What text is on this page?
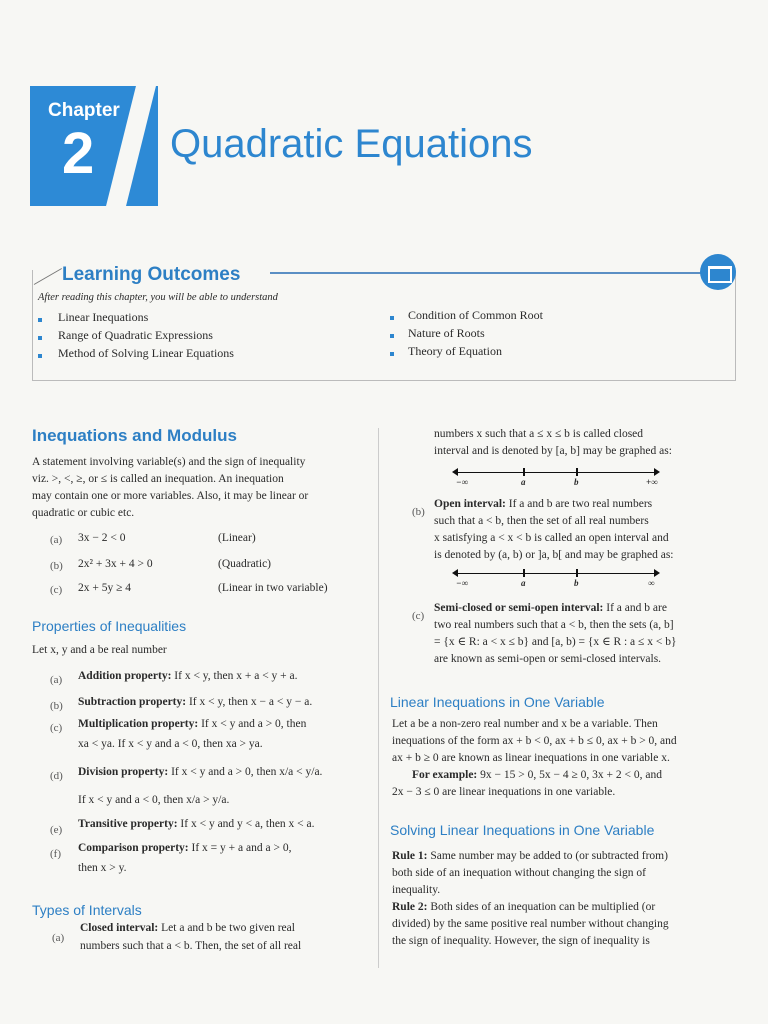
Chapter
2 Quadratic Equations
Learning Outcomes
After reading this chapter, you will be able to understand
Linear Inequations
Range of Quadratic Expressions
Method of Solving Linear Equations
Condition of Common Root
Nature of Roots
Theory of Equation
Inequations and Modulus
A statement involving variable(s) and the sign of inequality
viz. >, <, ≥, or ≤ is called an inequation. An inequation
may contain one or more variables. Also, it may be linear or
quadratic or cubic etc.
(a) 3x − 2 < 0	(Linear)
(b) 2x² + 3x + 4 > 0	(Quadratic)
(c) 2x + 5y ≥ 4	(Linear in two variable)
Properties of Inequalities
Let x, y and a be real number
(a) Addition property: If x < y, then x + a < y + a.
(b) Subtraction property: If x < y, then x − a < y − a.
(c) Multiplication property: If x < y and a > 0, then
xa < ya. If x < y and a < 0, then xa > ya.
(d) Division property: If x < y and a > 0, then x/a < y/a.
If x < y and a < 0, then x/a > y/a.
(e) Transitive property: If x < y and y < a, then x < a.
(f) Comparison property: If x = y + a and a > 0,
then x > y.
Types of Intervals
(a)
Closed interval: Let a and b be two given real
numbers such that a < b. Then, the set of all real
numbers x such that a ≤ x ≤ b is called closed
interval and is denoted by [a, b] may be graphed as:
−∞	a	b	+∞
(b)
Open interval: If a and b are two real numbers
such that a < b, then the set of all real numbers
x satisfying a < x < b is called an open interval and
is denoted by (a, b) or ]a, b[ and may be graphed as:
−∞	a	b	∞
(c)
Semi-closed or semi-open interval: If a and b are
two real numbers such that a < b, then the sets (a, b]
= {x ∈ R: a < x ≤ b} and [a, b) = {x ∈ R : a ≤ x < b}
are known as semi-open or semi-closed intervals.
Linear Inequations in One Variable
Let a be a non-zero real number and x be a variable. Then
inequations of the form ax + b < 0, ax + b ≤ 0, ax + b > 0, and
ax + b ≥ 0 are known as linear inequations in one variable x.
For example: 9x − 15 > 0, 5x − 4 ≥ 0, 3x + 2 < 0, and
2x − 3 ≤ 0 are linear inequations in one variable.
Solving Linear Inequations in One Variable
Rule 1: Same number may be added to (or subtracted from)
both side of an inequation without changing the sign of
inequality.
Rule 2: Both sides of an inequation can be multiplied (or
divided) by the same positive real number without changing
the sign of inequality. However, the sign of inequality is
